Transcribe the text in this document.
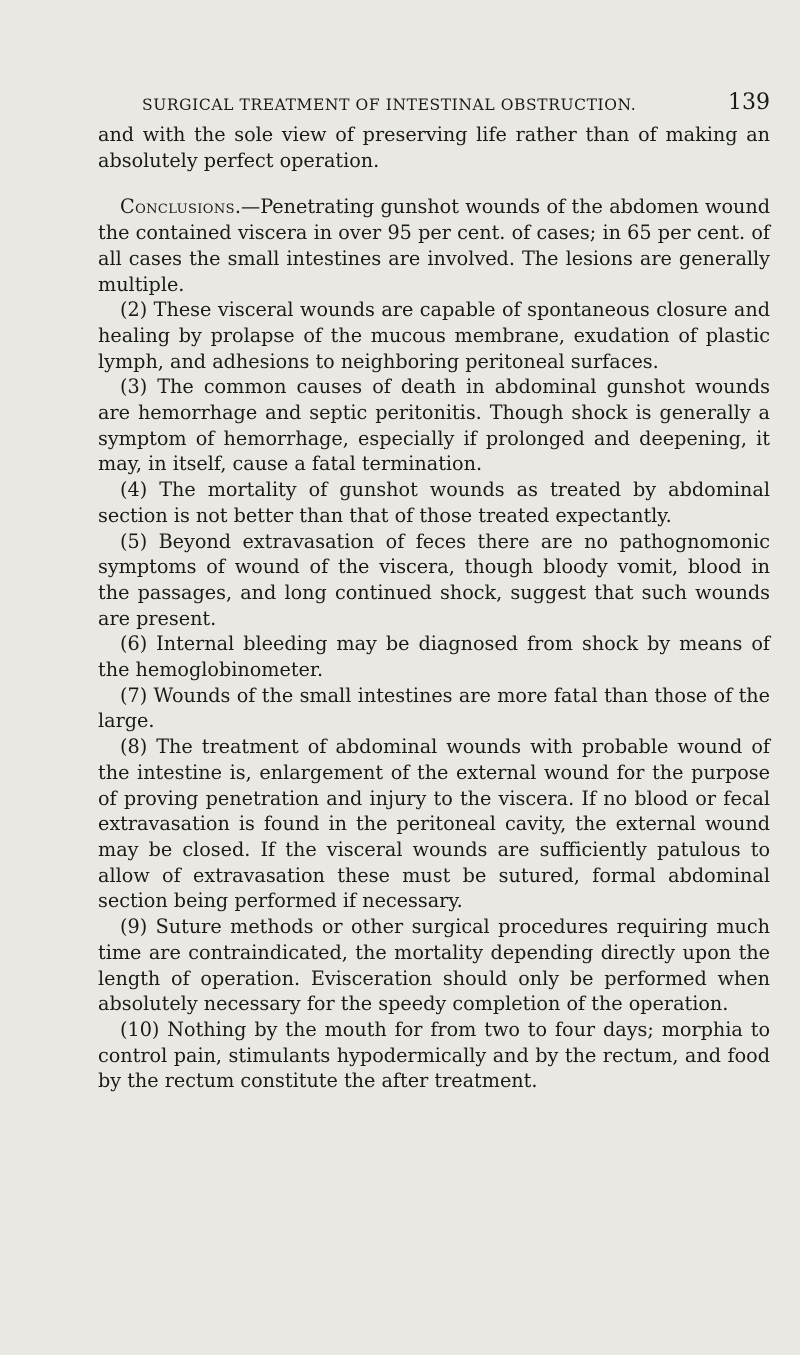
SURGICAL TREATMENT OF INTESTINAL OBSTRUCTION.	139

and with the sole view of preserving life rather than of making an absolutely perfect operation.

Conclusions.—Penetrating gunshot wounds of the abdomen wound the contained viscera in over 95 per cent. of cases; in 65 per cent. of all cases the small intestines are involved. The lesions are generally multiple.

(2) These visceral wounds are capable of spontaneous closure and healing by prolapse of the mucous membrane, exudation of plastic lymph, and adhesions to neighboring peritoneal surfaces.

(3) The common causes of death in abdominal gunshot wounds are hemorrhage and septic peritonitis. Though shock is generally a symptom of hemorrhage, especially if prolonged and deepening, it may, in itself, cause a fatal termination.

(4) The mortality of gunshot wounds as treated by abdominal section is not better than that of those treated expectantly.

(5) Beyond extravasation of feces there are no pathognomonic symptoms of wound of the viscera, though bloody vomit, blood in the passages, and long continued shock, suggest that such wounds are present.

(6) Internal bleeding may be diagnosed from shock by means of the hemoglobinometer.

(7) Wounds of the small intestines are more fatal than those of the large.

(8) The treatment of abdominal wounds with probable wound of the intestine is, enlargement of the external wound for the purpose of proving penetration and injury to the viscera. If no blood or fecal extravasation is found in the peritoneal cavity, the external wound may be closed. If the visceral wounds are sufficiently patulous to allow of extravasation these must be sutured, formal abdominal section being performed if necessary.

(9) Suture methods or other surgical procedures requiring much time are contraindicated, the mortality depending directly upon the length of operation. Evisceration should only be performed when absolutely necessary for the speedy completion of the operation.

(10) Nothing by the mouth for from two to four days; morphia to control pain, stimulants hypodermically and by the rectum, and food by the rectum constitute the after treatment.
